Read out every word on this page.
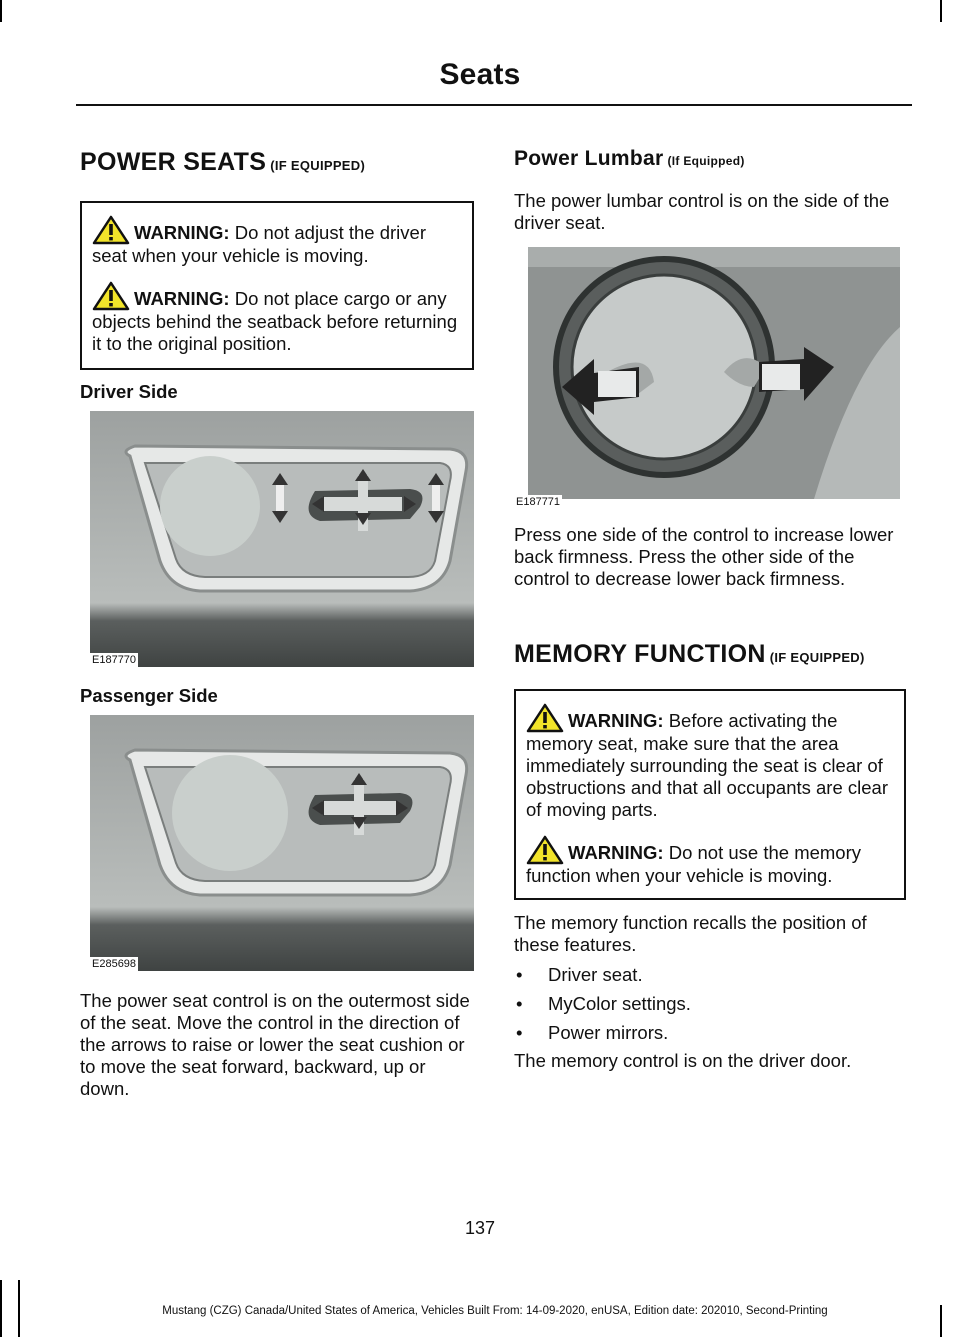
Seats
POWER SEATS (IF EQUIPPED)

WARNING: Do not adjust the driver seat when your vehicle is moving.

WARNING: Do not place cargo or any objects behind the seatback before returning it to the original position.

Driver Side
E187770
Passenger Side
E285698

The power seat control is on the outermost side of the seat. Move the control in the direction of the arrows to raise or lower the seat cushion or to move the seat forward, backward, up or down.

Power Lumbar (If Equipped)

The power lumbar control is on the side of the driver seat.

E187771

Press one side of the control to increase lower back firmness. Press the other side of the control to decrease lower back firmness.

MEMORY FUNCTION (IF EQUIPPED)

WARNING: Before activating the memory seat, make sure that the area immediately surrounding the seat is clear of obstructions and that all occupants are clear of moving parts.

WARNING: Do not use the memory function when your vehicle is moving.

The memory function recalls the position of these features.

• Driver seat.
• MyColor settings.
• Power mirrors.

The memory control is on the driver door.

137
Mustang (CZG) Canada/United States of America, Vehicles Built From: 14-09-2020, enUSA, Edition date: 202010, Second-Printing
